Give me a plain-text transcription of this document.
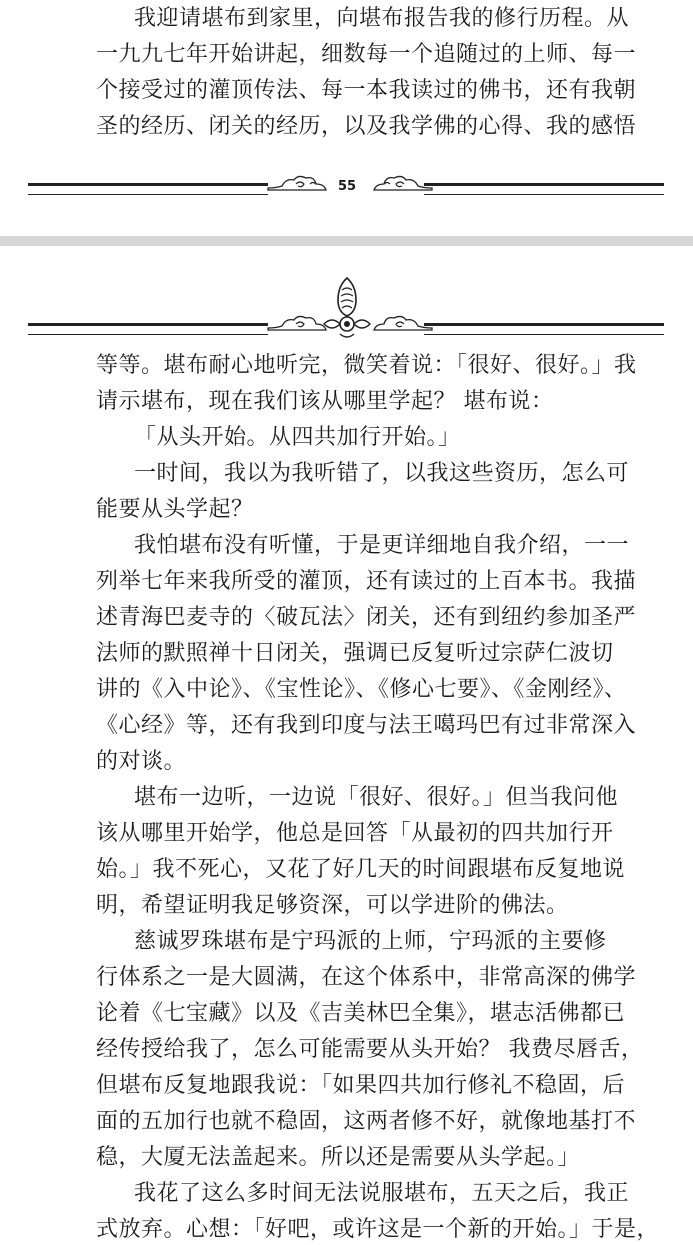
我迎请堪布到家里，向堪布报告我的修行历程。从
一九九七年开始讲起，细数每一个追随过的上师、每一
个接受过的灌顶传法、每一本我读过的佛书，还有我朝
圣的经历、闭关的经历，以及我学佛的心得、我的感悟
55
等等。堪布耐心地听完，微笑着说：「很好、很好。」我
请示堪布，现在我们该从哪里学起？ 堪布说：
「从头开始。从四共加行开始。」
一时间，我以为我听错了，以我这些资历，怎么可
能要从头学起？
我怕堪布没有听懂，于是更详细地自我介绍，一一
列举七年来我所受的灌顶，还有读过的上百本书。我描
述青海巴麦寺的〈破瓦法〉闭关，还有到纽约参加圣严
法师的默照禅十日闭关，强调已反复听过宗萨仁波切
讲的《入中论》、《宝性论》、《修心七要》、《金刚经》、
《心经》等，还有我到印度与法王噶玛巴有过非常深入
的对谈。
堪布一边听，一边说「很好、很好。」但当我问他
该从哪里开始学，他总是回答「从最初的四共加行开
始。」我不死心，又花了好几天的时间跟堪布反复地说
明，希望证明我足够资深，可以学进阶的佛法。
慈诚罗珠堪布是宁玛派的上师，宁玛派的主要修
行体系之一是大圆满，在这个体系中，非常高深的佛学
论着《七宝藏》以及《吉美林巴全集》，堪志活佛都已
经传授给我了，怎么可能需要从头开始？ 我费尽唇舌，
但堪布反复地跟我说：「如果四共加行修礼不稳固，后
面的五加行也就不稳固，这两者修不好，就像地基打不
稳，大厦无法盖起来。所以还是需要从头学起。」
我花了这么多时间无法说服堪布，五天之后，我正
式放弃。心想：「好吧，或许这是一个新的开始。」于是，
